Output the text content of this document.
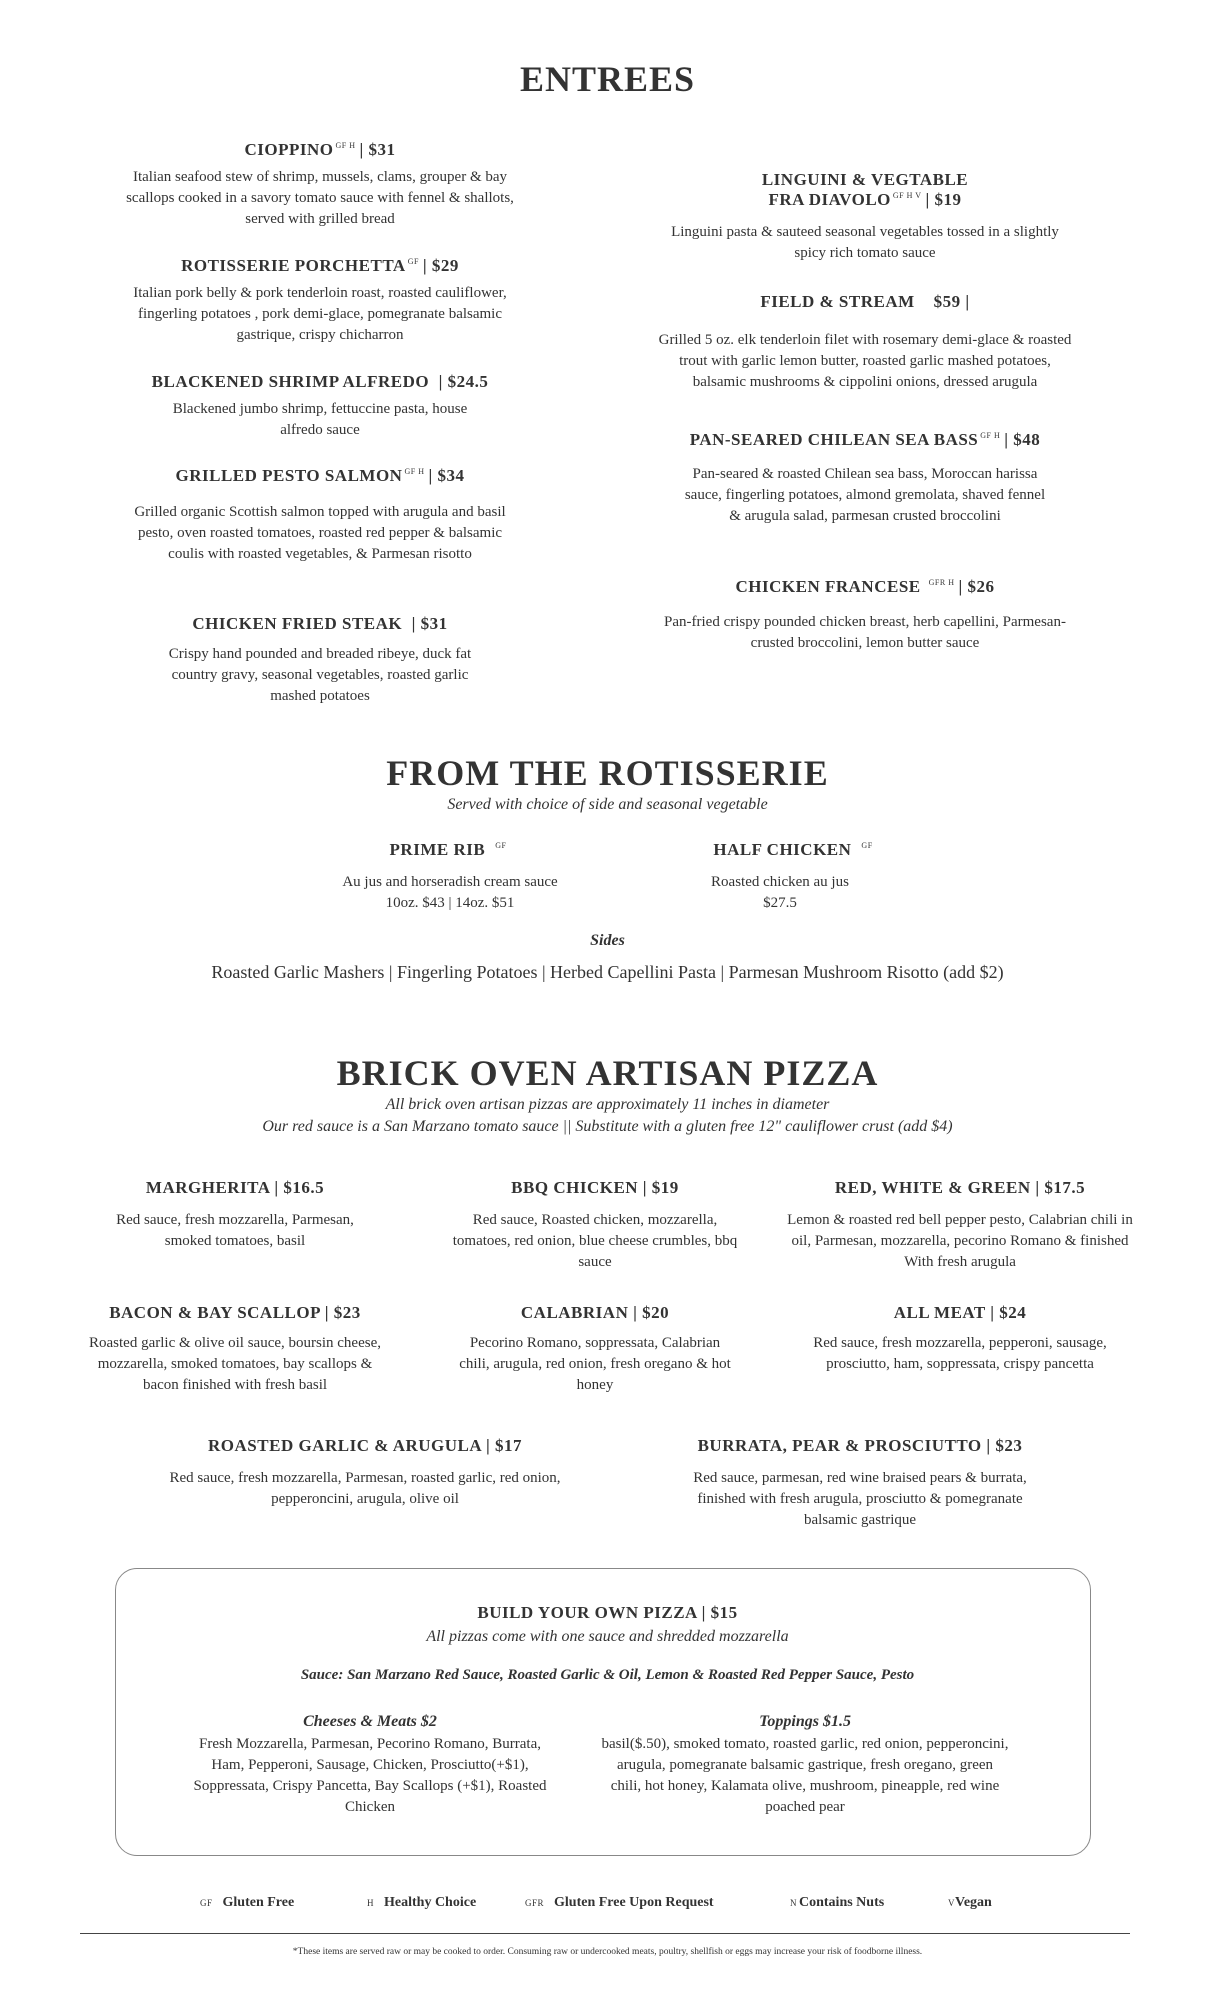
ENTREES
CIOPPINO $^{GF H}$ | $31
Italian seafood stew of shrimp, mussels, clams, grouper & bay scallops cooked in a savory tomato sauce with fennel & shallots, served with grilled bread
ROTISSERIE PORCHETTA $^{GF}$ | $29
Italian pork belly & pork tenderloin roast, roasted cauliflower, fingerling potatoes , pork demi-glace, pomegranate balsamic gastrique, crispy chicharron
BLACKENED SHRIMP ALFREDO | $24.5
Blackened jumbo shrimp, fettuccine pasta, house alfredo sauce
GRILLED PESTO SALMON $^{GF H}$ | $34
Grilled organic Scottish salmon topped with arugula and basil pesto, oven roasted tomatoes, roasted red pepper & balsamic coulis with roasted vegetables, & Parmesan risotto
CHICKEN FRIED STEAK | $31
Crispy hand pounded and breaded ribeye, duck fat country gravy, seasonal vegetables, roasted garlic mashed potatoes
LINGUINI & VEGTABLE
FRA DIAVOLO $^{GF H V}$ | $19
Linguini pasta & sauteed seasonal vegetables tossed in a slightly spicy rich tomato sauce
FIELD & STREAM $59 |
Grilled 5 oz. elk tenderloin filet with rosemary demi-glace & roasted trout with garlic lemon butter, roasted garlic mashed potatoes, balsamic mushrooms & cippolini onions, dressed arugula
PAN-SEARED CHILEAN SEA BASS $^{GF H}$ | $48
Pan-seared & roasted Chilean sea bass, Moroccan harissa sauce, fingerling potatoes, almond gremolata, shaved fennel & arugula salad, parmesan crusted broccolini
CHICKEN FRANCESE $^{GFR H}$ | $26
Pan-fried crispy pounded chicken breast, herb capellini, Parmesan-crusted broccolini, lemon butter sauce
FROM THE ROTISSERIE
Served with choice of side and seasonal vegetable
PRIME RIB $^{GF}$
Au jus and horseradish cream sauce
10oz. $43 | 14oz. $51
HALF CHICKEN $^{GF}$
Roasted chicken au jus
$27.5
Sides
Roasted Garlic Mashers | Fingerling Potatoes | Herbed Capellini Pasta | Parmesan Mushroom Risotto (add $2)
BRICK OVEN ARTISAN PIZZA
All brick oven artisan pizzas are approximately 11 inches in diameter
Our red sauce is a San Marzano tomato sauce || Substitute with a gluten free 12" cauliflower crust (add $4)
MARGHERITA | $16.5
Red sauce, fresh mozzarella, Parmesan, smoked tomatoes, basil
BBQ CHICKEN | $19
Red sauce, Roasted chicken, mozzarella, tomatoes, red onion, blue cheese crumbles, bbq sauce
RED, WHITE & GREEN | $17.5
Lemon & roasted red bell pepper pesto, Calabrian chili in oil, Parmesan, mozzarella, pecorino Romano & finished With fresh arugula
BACON & BAY SCALLOP | $23
Roasted garlic & olive oil sauce, boursin cheese, mozzarella, smoked tomatoes, bay scallops & bacon finished with fresh basil
CALABRIAN | $20
Pecorino Romano, soppressata, Calabrian chili, arugula, red onion, fresh oregano & hot honey
ALL MEAT | $24
Red sauce, fresh mozzarella, pepperoni, sausage, prosciutto, ham, soppressata, crispy pancetta
ROASTED GARLIC & ARUGULA | $17
Red sauce, fresh mozzarella, Parmesan, roasted garlic, red onion, pepperoncini, arugula, olive oil
BURRATA, PEAR & PROSCIUTTO | $23
Red sauce, parmesan, red wine braised pears & burrata, finished with fresh arugula, prosciutto & pomegranate balsamic gastrique
BUILD YOUR OWN PIZZA | $15
All pizzas come with one sauce and shredded mozzarella
Sauce: San Marzano Red Sauce, Roasted Garlic & Oil, Lemon & Roasted Red Pepper Sauce, Pesto
Cheeses & Meats $2
Fresh Mozzarella, Parmesan, Pecorino Romano, Burrata, Ham, Pepperoni, Sausage, Chicken, Prosciutto(+$1), Soppressata, Crispy Pancetta, Bay Scallops (+$1), Roasted Chicken
Toppings $1.5
basil($.50), smoked tomato, roasted garlic, red onion, pepperoncini, arugula, pomegranate balsamic gastrique, fresh oregano, green chili, hot honey, Kalamata olive, mushroom, pineapple, red wine poached pear
GF Gluten Free	H Healthy Choice	GFR Gluten Free Upon Request	N Contains Nuts	VVegan
*These items are served raw or may be cooked to order. Consuming raw or undercooked meats, poultry, shellfish or eggs may increase your risk of foodborne illness.
